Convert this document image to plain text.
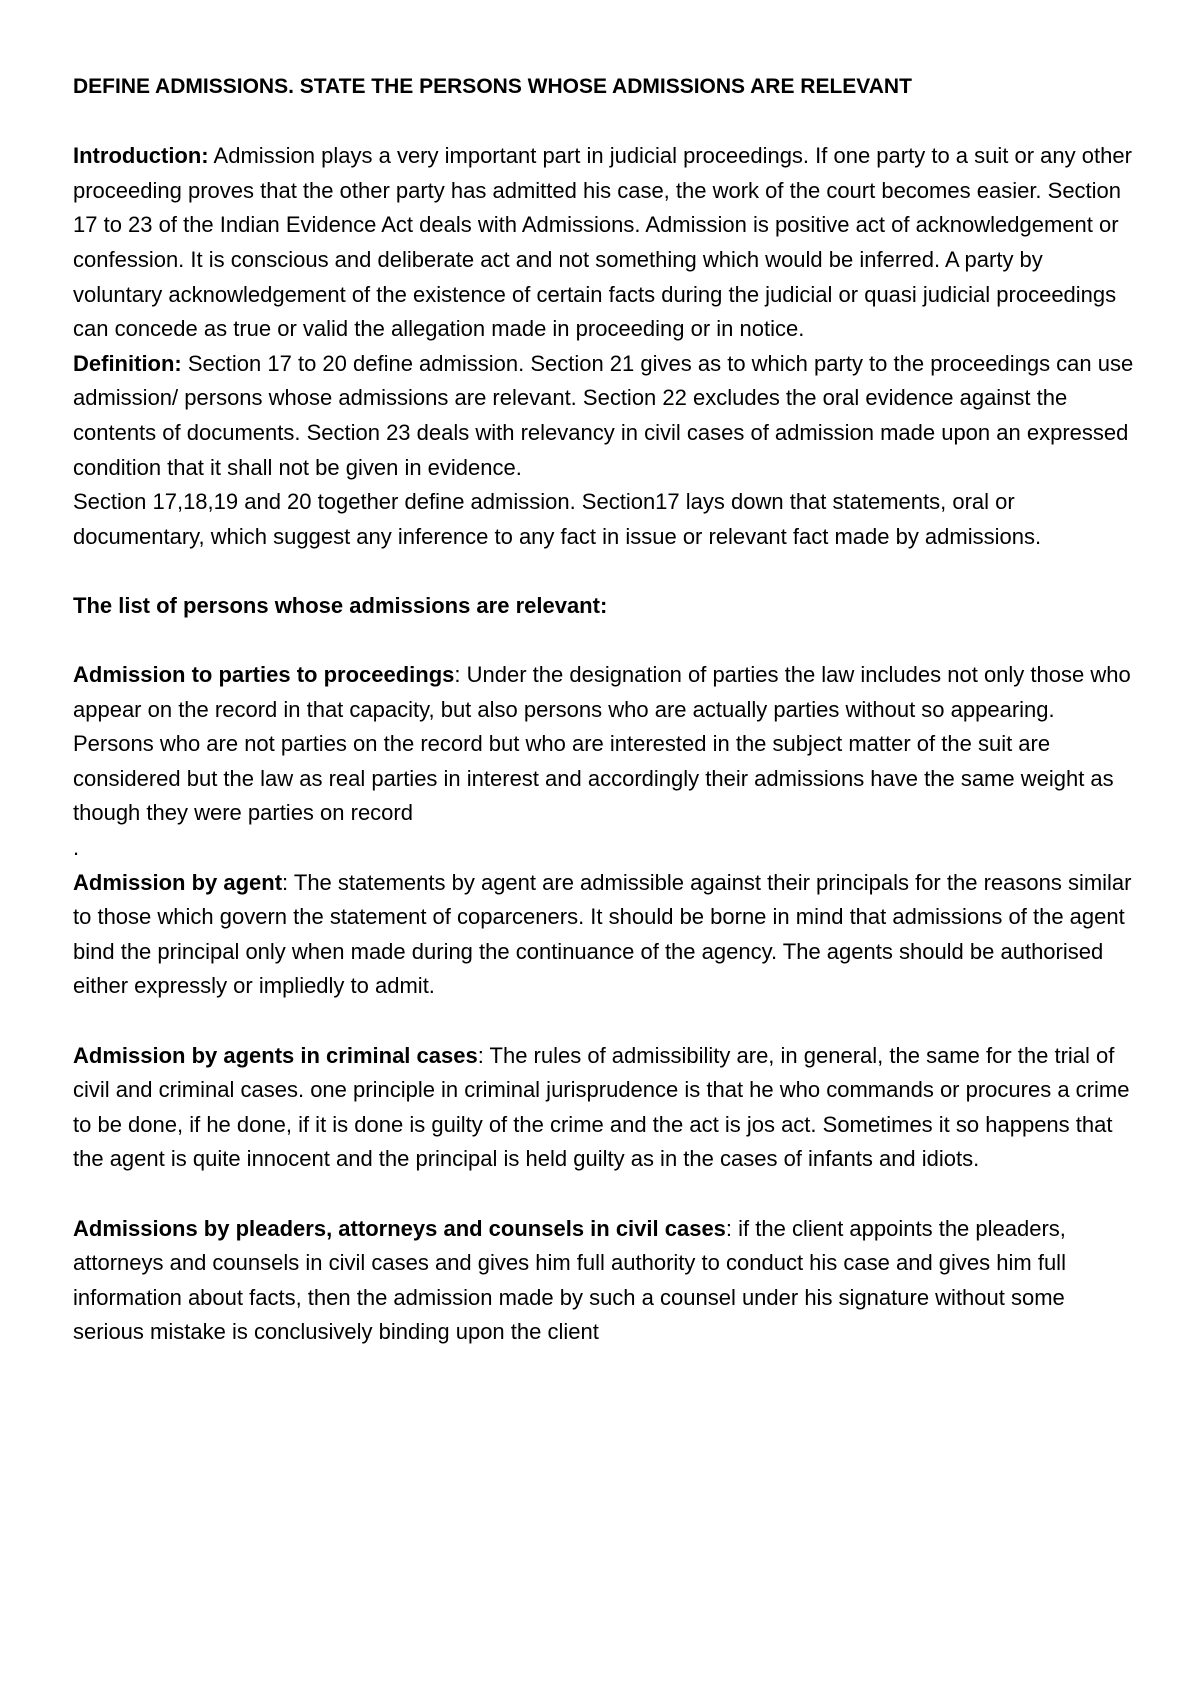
DEFINE ADMISSIONS. STATE THE PERSONS WHOSE ADMISSIONS ARE RELEVANT

Introduction: Admission plays a very important part in judicial proceedings. If one party to a suit or any other proceeding proves that the other party has admitted his case, the work of the court becomes easier. Section 17 to 23 of the Indian Evidence Act deals with Admissions. Admission is positive act of acknowledgement or confession. It is conscious and deliberate act and not something which would be inferred. A party by voluntary acknowledgement of the existence of certain facts during the judicial or quasi judicial proceedings can concede as true or valid the allegation made in proceeding or in notice.

Definition: Section 17 to 20 define admission. Section 21 gives as to which party to the proceedings can use admission/ persons whose admissions are relevant. Section 22 excludes the oral evidence against the contents of documents. Section 23 deals with relevancy in civil cases of admission made upon an expressed condition that it shall not be given in evidence.

Section 17,18,19 and 20 together define admission. Section17 lays down that statements, oral or documentary, which suggest any inference to any fact in issue or relevant fact made by admissions.

The list of persons whose admissions are relevant:

Admission to parties to proceedings: Under the designation of parties the law includes not only those who appear on the record in that capacity, but also persons who are actually parties without so appearing. Persons who are not parties on the record but who are interested in the subject matter of the suit are considered but the law as real parties in interest and accordingly their admissions have the same weight as though they were parties on record

.

Admission by agent: The statements by agent are admissible against their principals for the reasons similar to those which govern the statement of coparceners. It should be borne in mind that admissions of the agent bind the principal only when made during the continuance of the agency. The agents should be authorised either expressly or impliedly to admit.

Admission by agents in criminal cases: The rules of admissibility are, in general, the same for the trial of civil and criminal cases. one principle in criminal jurisprudence is that he who commands or procures a crime to be done, if he done, if it is done is guilty of the crime and the act is jos act. Sometimes it so happens that the agent is quite innocent and the principal is held guilty as in the cases of infants and idiots.

Admissions by pleaders, attorneys and counsels in civil cases: if the client appoints the pleaders, attorneys and counsels in civil cases and gives him full authority to conduct his case and gives him full information about facts, then the admission made by such a counsel under his signature without some serious mistake is conclusively binding upon the client
